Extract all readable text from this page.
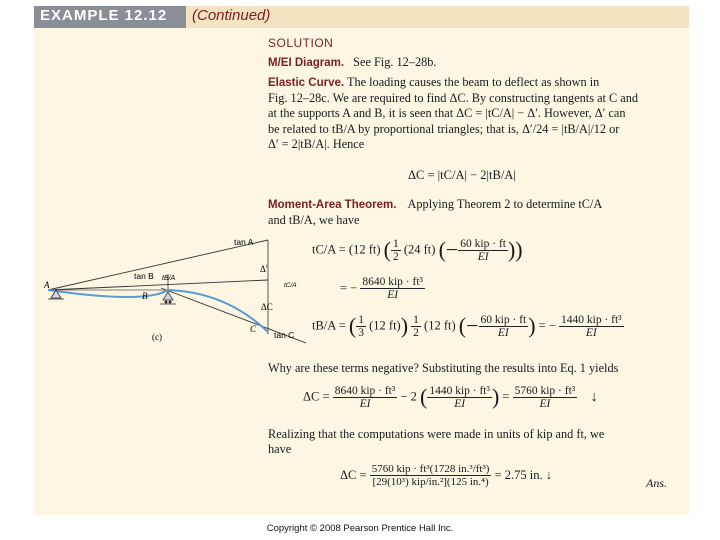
EXAMPLE 12.12 (Continued)
SOLUTION
M/EI Diagram. See Fig. 12–28b.
Elastic Curve. The loading causes the beam to deflect as shown in
Fig. 12–28c. We are required to find ΔC. By constructing tangents at C and
at the supports A and B, it is seen that ΔC = |tC/A| − Δ′. However, Δ′ can
be related to tB/A by proportional triangles; that is, Δ′/24 = |tB/A|/12 or
Δ′ = 2|tB/A|. Hence
ΔC = |tC/A| − 2|tB/A|
Moment-Area Theorem. Applying Theorem 2 to determine tC/A
and tB/A, we have
tC/A = (12 ft) ( $\frac{1}{2} (24$ ft) (− $\frac{\text{60 kip · ft}}{EI}$ ))
= − $\frac{\text{8640 kip · ft³}}{EI}$
tB/A = ( $\frac{1}{3} (12$ $ft)) \frac{1}{2} (12$ ft) (− $\frac{\text{60 kip · ft}}{EI}$ ) = − $\frac{\text{1440 kip · ft³}}{EI}$
Why are these terms negative? Substituting the results into Eq. 1 yields
$\Delta C = \frac{\text{8640 kip · ft³}}{EI} - 2$ ( $\frac{\text{1440 kip · ft³}}{EI}$ ) = $\frac{\text{5760 kip · ft³}}{EI}$ ↓
Realizing that the computations were made in units of kip and ft, we
have
$\Delta C = \frac{\text{5760 kip · ft³(1728 in.³/ft³)}}{\text{[29(10³) kip/in.²](125 in.⁴)}} = 2.75$ in. ↓
Ans.
tan A
tan B tB/A
Δ′
tC/A
A
B
ΔC
C
tan C
(c)
Copyright © 2008 Pearson Prentice Hall Inc.
